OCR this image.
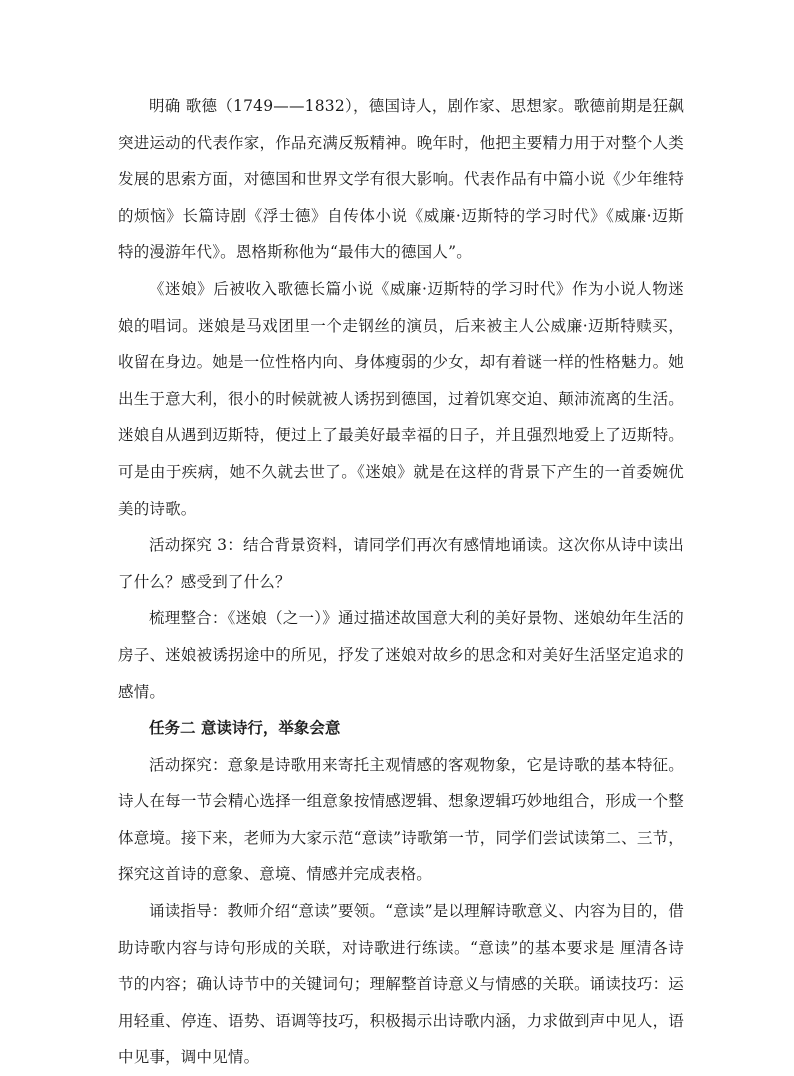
明确 歌德（1749——1832），德国诗人，剧作家、思想家。歌德前期是狂飙突进运动的代表作家，作品充满反叛精神。晚年时，他把主要精力用于对整个人类发展的思索方面，对德国和世界文学有很大影响。代表作品有中篇小说《少年维特的烦恼》长篇诗剧《浮士德》自传体小说《威廉·迈斯特的学习时代》《威廉·迈斯特的漫游年代》。恩格斯称他为“最伟大的德国人”。

《迷娘》后被收入歌德长篇小说《威廉·迈斯特的学习时代》作为小说人物迷娘的唱词。迷娘是马戏团里一个走钢丝的演员，后来被主人公威廉·迈斯特赎买，收留在身边。她是一位性格内向、身体瘦弱的少女，却有着谜一样的性格魅力。她出生于意大利，很小的时候就被人诱拐到德国，过着饥寒交迫、颠沛流离的生活。迷娘自从遇到迈斯特，便过上了最美好最幸福的日子，并且强烈地爱上了迈斯特。可是由于疾病，她不久就去世了。《迷娘》就是在这样的背景下产生的一首委婉优美的诗歌。

活动探究 3：结合背景资料，请同学们再次有感情地诵读。这次你从诗中读出了什么？感受到了什么？

梳理整合：《迷娘（之一）》通过描述故国意大利的美好景物、迷娘幼年生活的房子、迷娘被诱拐途中的所见，抒发了迷娘对故乡的思念和对美好生活坚定追求的感情。

任务二 意读诗行，举象会意

活动探究：意象是诗歌用来寄托主观情感的客观物象，它是诗歌的基本特征。诗人在每一节会精心选择一组意象按情感逻辑、想象逻辑巧妙地组合，形成一个整体意境。接下来，老师为大家示范“意读”诗歌第一节，同学们尝试读第二、三节，探究这首诗的意象、意境、情感并完成表格。

诵读指导：教师介绍“意读”要领。“意读”是以理解诗歌意义、内容为目的，借助诗歌内容与诗句形成的关联，对诗歌进行练读。“意读”的基本要求是 厘清各诗节的内容；确认诗节中的关键词句；理解整首诗意义与情感的关联。诵读技巧：运用轻重、停连、语势、语调等技巧，积极揭示出诗歌内涵，力求做到声中见人，语中见事，调中见情。
